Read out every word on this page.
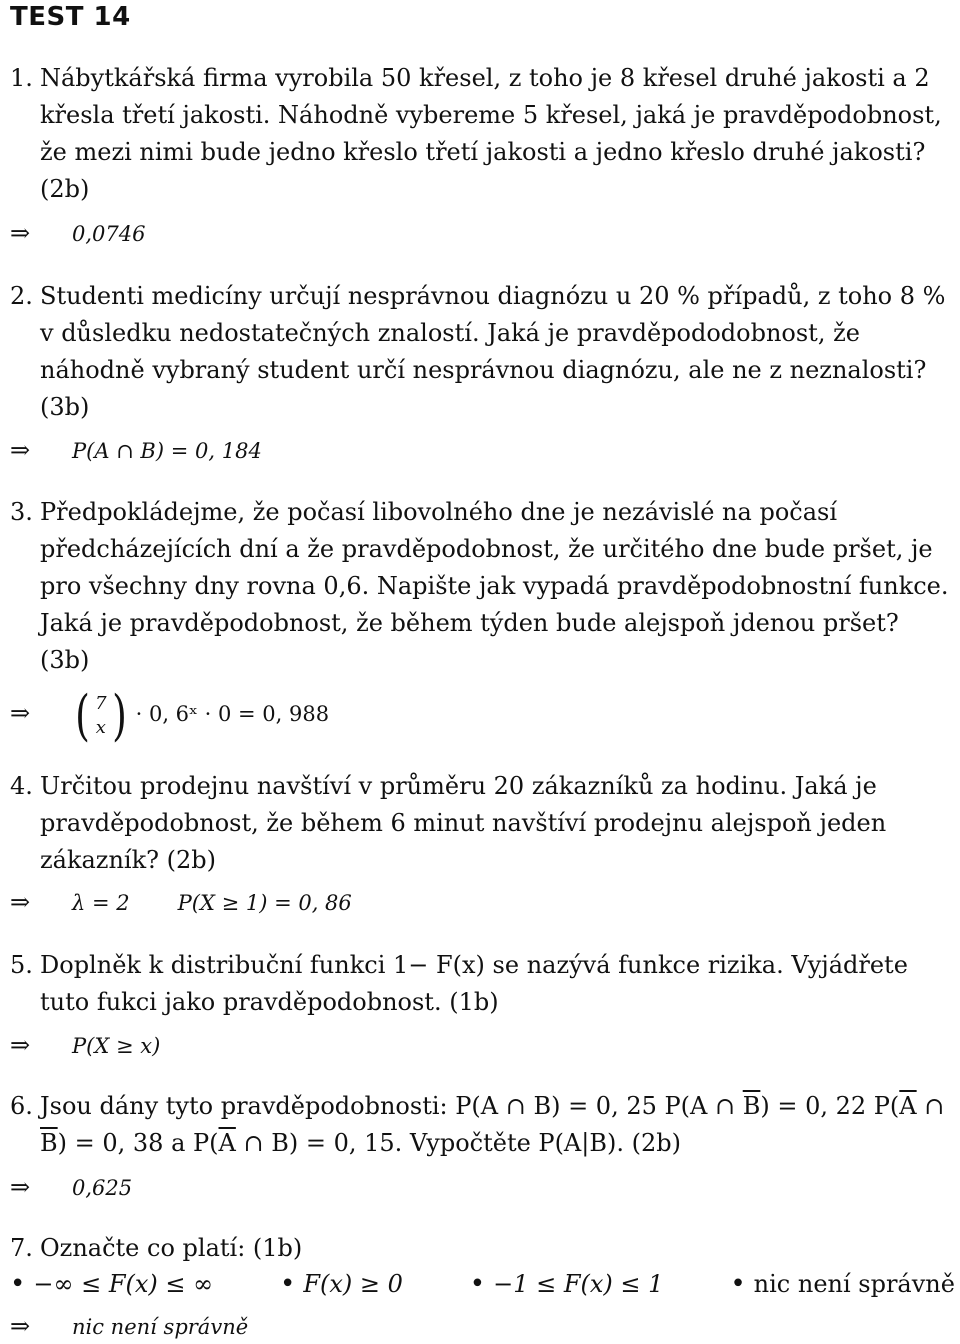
TEST 14
1. Nábytkářská firma vyrobila 50 křesel, z toho je 8 křesel druhé jakosti a 2 křesla třetí jakosti. Náhodně vybereme 5 křesel, jaká je pravděpodobnost, že mezi nimi bude jedno křeslo třetí jakosti a jedno křeslo druhé jakosti? (2b)
⇒ 0,0746
2. Studenti medicíny určují nesprávnou diagnózu u 20 % případů, z toho 8 % v důsledku nedostatečných znalostí. Jaká je pravděpododobnost, že náhodně vybraný student určí nesprávnou diagnózu, ale ne z neznalosti? (3b)
⇒ P(A ∩ B) = 0, 184
3. Předpokládejme, že počasí libovolného dne je nezávislé na počasí předcházejících dní a že pravděpodobnost, že určitého dne bude pršet, je pro všechny dny rovna 0,6. Napište jak vypadá pravděpodobnostní funkce. Jaká je pravděpodobnost, že během týden bude alejspoň jdenou pršet? (3b)
⇒ ( 7
x ) · 0, 6ˣ · 0 = 0, 988
4. Určitou prodejnu navštíví v průměru 20 zákazníků za hodinu. Jaká je pravděpodobnost, že během 6 minut navštíví prodejnu alejspoň jeden zákazník? (2b)
⇒ λ = 2 P(X ≥ 1) = 0, 86
5. Doplněk k distribuční funkci 1− F(x) se nazývá funkce rizika. Vyjádřete tuto fukci jako pravděpodobnost. (1b)
⇒ P(X ≥ x)
6. Jsou dány tyto pravděpodobnosti: P(A ∩ B) = 0, 25 P(A ∩ $\overline{B}) = 0$, 22 $P(\overline{A}$ ∩ $\overline{B}) = 0$, 38 a $P(\overline{A}$ ∩ B) = 0, 15. Vypočtěte P(A|B). (2b)
⇒ 0,625
7. Označte co platí: (1b)
• −∞ ≤ F(x) ≤ ∞	• F(x) ≥ 0	• −1 ≤ F(x) ≤ 1	• nic není správně
⇒ nic není správně
